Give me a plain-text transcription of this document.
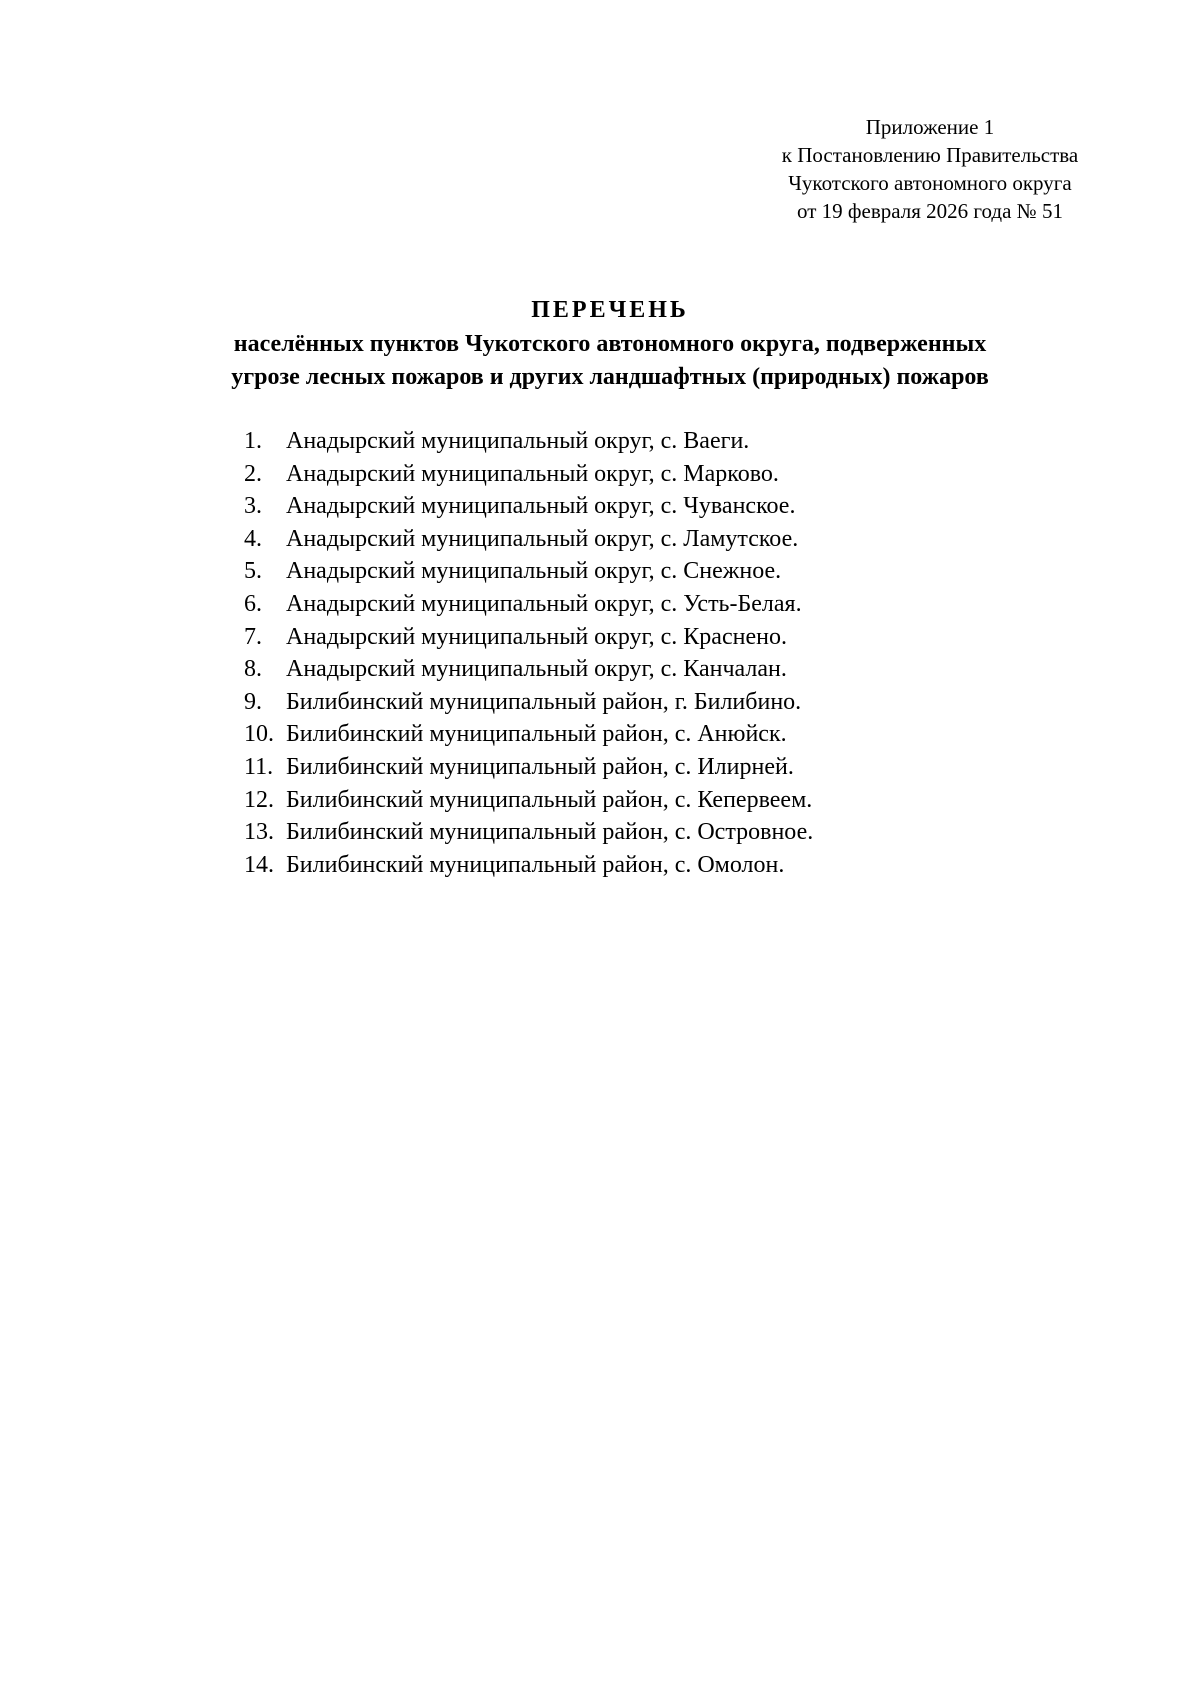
Приложение 1
к Постановлению Правительства
Чукотского автономного округа
от 19 февраля 2026 года № 51
ПЕРЕЧЕНЬ
населённых пунктов Чукотского автономного округа, подверженных
угрозе лесных пожаров и других ландшафтных (природных) пожаров
1.	Анадырский муниципальный округ, с. Ваеги.
2.	Анадырский муниципальный округ, с. Марково.
3.	Анадырский муниципальный округ, с. Чуванское.
4.	Анадырский муниципальный округ, с. Ламутское.
5.	Анадырский муниципальный округ, с. Снежное.
6.	Анадырский муниципальный округ, с. Усть-Белая.
7.	Анадырский муниципальный округ, с. Краснено.
8.	Анадырский муниципальный округ, с. Канчалан.
9.	Билибинский муниципальный район, г. Билибино.
10. Билибинский муниципальный район, с. Анюйск.
11. Билибинский муниципальный район, с. Илирней.
12. Билибинский муниципальный район, с. Кепервеем.
13. Билибинский муниципальный район, с. Островное.
14. Билибинский муниципальный район, с. Омолон.
